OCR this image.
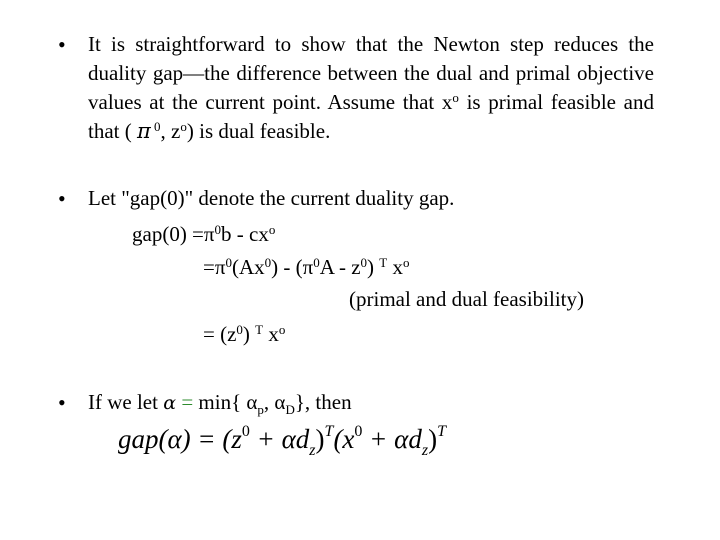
•	It is straightforward to show that the Newton step reduces the duality gap—the difference between the dual and primal objective values at the current point. Assume that $x^o$ is primal feasible and that ( π $^0$, $z^o$) is dual feasible.
•	Let "gap(0)" denote the current duality gap.
$gap(0) =\pi^0b - cx^o$
$=\pi^0(Ax^0) - (\pi^0A - z^0)$ $^T$ $x^o$
(primal and dual feasibility)
= $(z^0)$ $^T$ $x^o$
•	If we let α = min{ $\alpha_p$, $\alpha_D$}, then
$gap(\alpha) = (z^0 + \alpha d_z)^T(x^0 + \alpha d_z)^T$
